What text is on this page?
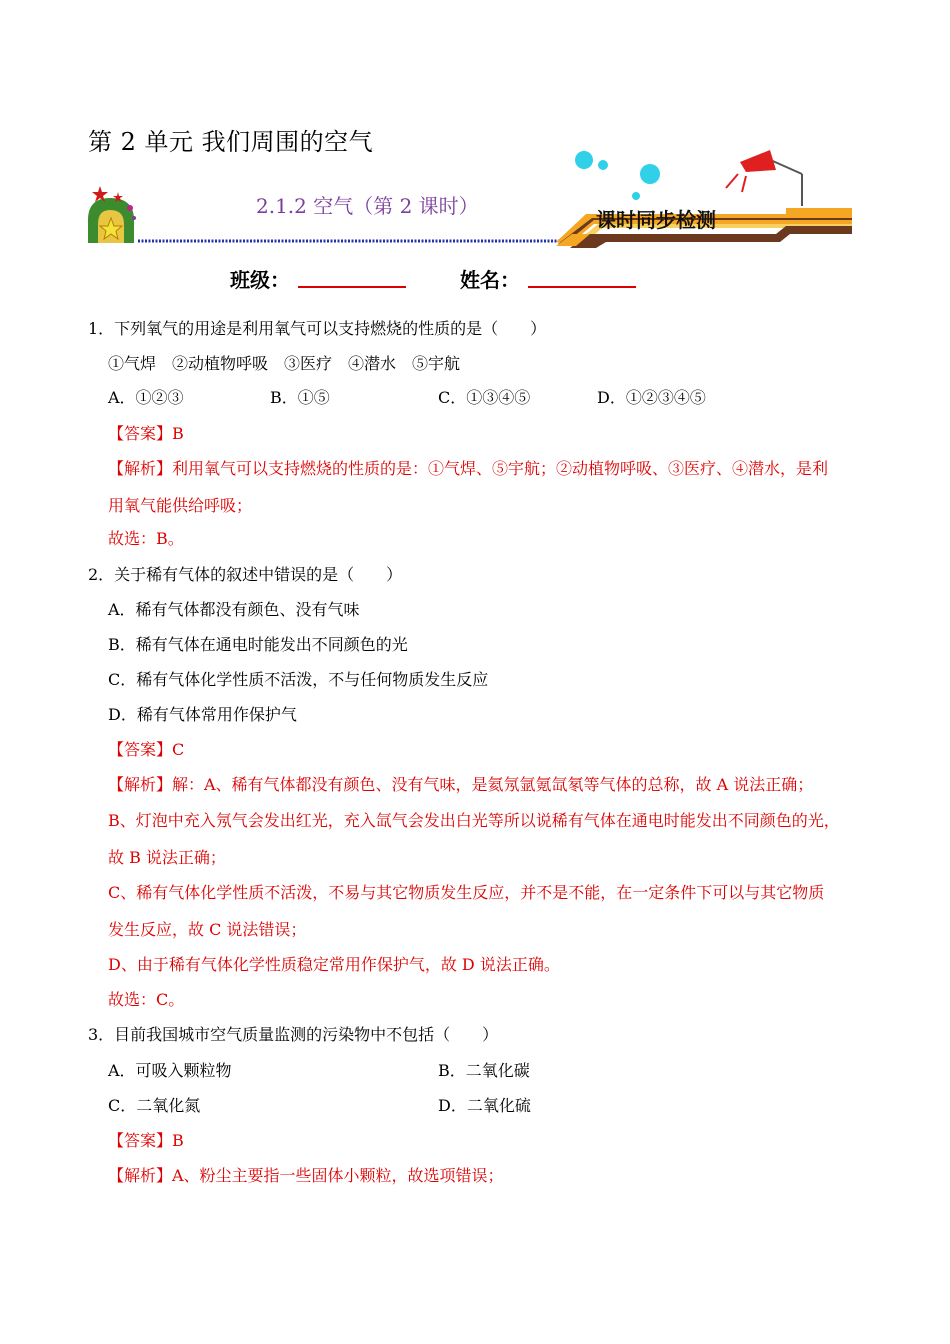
第 2 单元 我们周围的空气
2.1.2 空气（第 2 课时）
课时同步检测
班级：	姓名：
1．下列氧气的用途是利用氧气可以支持燃烧的性质的是（　　）
①气焊　②动植物呼吸　③医疗　④潜水　⑤宇航
A．①②③	B．①⑤	C．①③④⑤	D．①②③④⑤
【答案】B
【解析】利用氧气可以支持燃烧的性质的是：①气焊、⑤宇航；②动植物呼吸、③医疗、④潜水，是利
用氧气能供给呼吸；
故选：B。
2．关于稀有气体的叙述中错误的是（　　）
A．稀有气体都没有颜色、没有气味
B．稀有气体在通电时能发出不同颜色的光
C．稀有气体化学性质不活泼，不与任何物质发生反应
D．稀有气体常用作保护气
【答案】C
【解析】解：A、稀有气体都没有颜色、没有气味，是氦氖氩氪氙氡等气体的总称，故 A 说法正确；
B、灯泡中充入氖气会发出红光，充入氙气会发出白光等所以说稀有气体在通电时能发出不同颜色的光，
故 B 说法正确；
C、稀有气体化学性质不活泼，不易与其它物质发生反应，并不是不能，在一定条件下可以与其它物质
发生反应，故 C 说法错误；
D、由于稀有气体化学性质稳定常用作保护气，故 D 说法正确。
故选：C。
3．目前我国城市空气质量监测的污染物中不包括（　　）
A．可吸入颗粒物	B．二氧化碳
C．二氧化氮	D．二氧化硫
【答案】B
【解析】A、粉尘主要指一些固体小颗粒，故选项错误；
